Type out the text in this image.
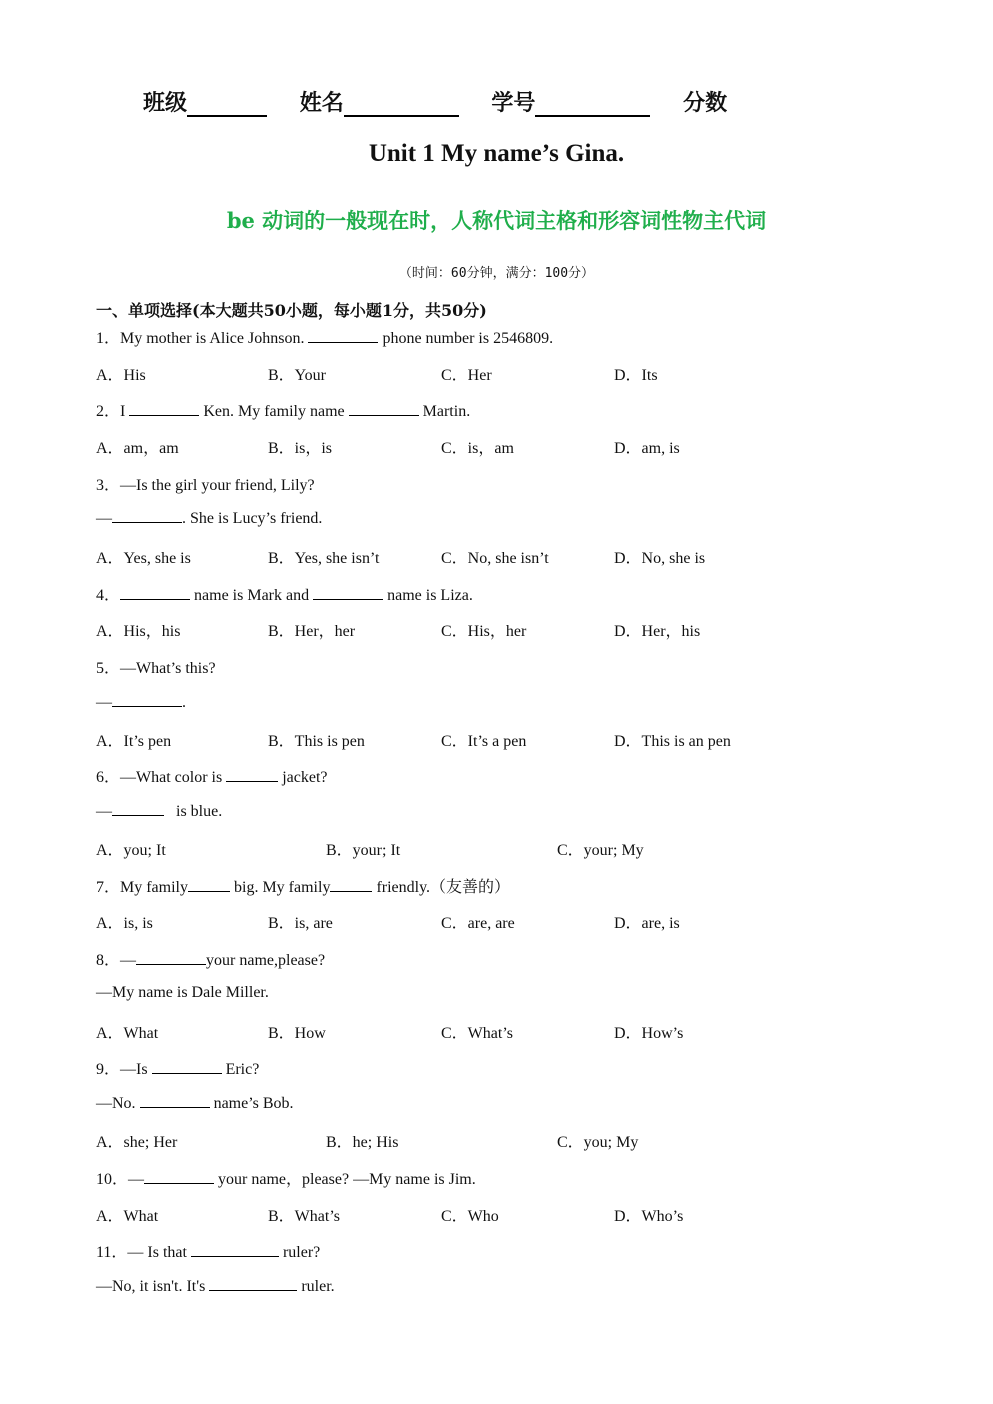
班级	姓名	学号	分数
Unit 1 My name’s Gina.
be 动词的一般现在时，人称代词主格和形容词性物主代词
（时间：60分钟，满分：100分）
一、单项选择(本大题共50小题，每小题1分，共50分)
1．My mother is Alice Johnson.	phone number is 2546809.
A．His	B．Your	C．Her	D．Its
2．I	Ken. My family name	Martin.
A．am，am	B．is，is	C．is，am	D．am, is
3．—Is the girl your friend, Lily?
—	. She is Lucy’s friend.
A．Yes, she is	B．Yes, she isn’t	C．No, she isn’t	D．No, she is
4．	name is Mark and	name is Liza.
A．His，his	B．Her，her	C．His，her	D．Her，his
5．—What’s this?
—	.
A．It’s pen	B．This is pen	C．It’s a pen	D．This is an pen
6．—What color is	jacket?
—	is blue.
A．you; It	B．your; It	C．your; My
7．My family	big. My family	friendly.（友善的）
A．is, is	B．is, are	C．are, are	D．are, is
8．—	your name,please?
—My name is Dale Miller.
A．What	B．How	C．What’s	D．How’s
9．—Is	Eric?
—No.	name’s Bob.
A．she; Her	B．he; His	C．you; My
10．—	your name，please? —My name is Jim.
A．What	B．What’s	C．Who	D．Who’s
11．— Is that	ruler?
—No, it isn't. It's	ruler.
